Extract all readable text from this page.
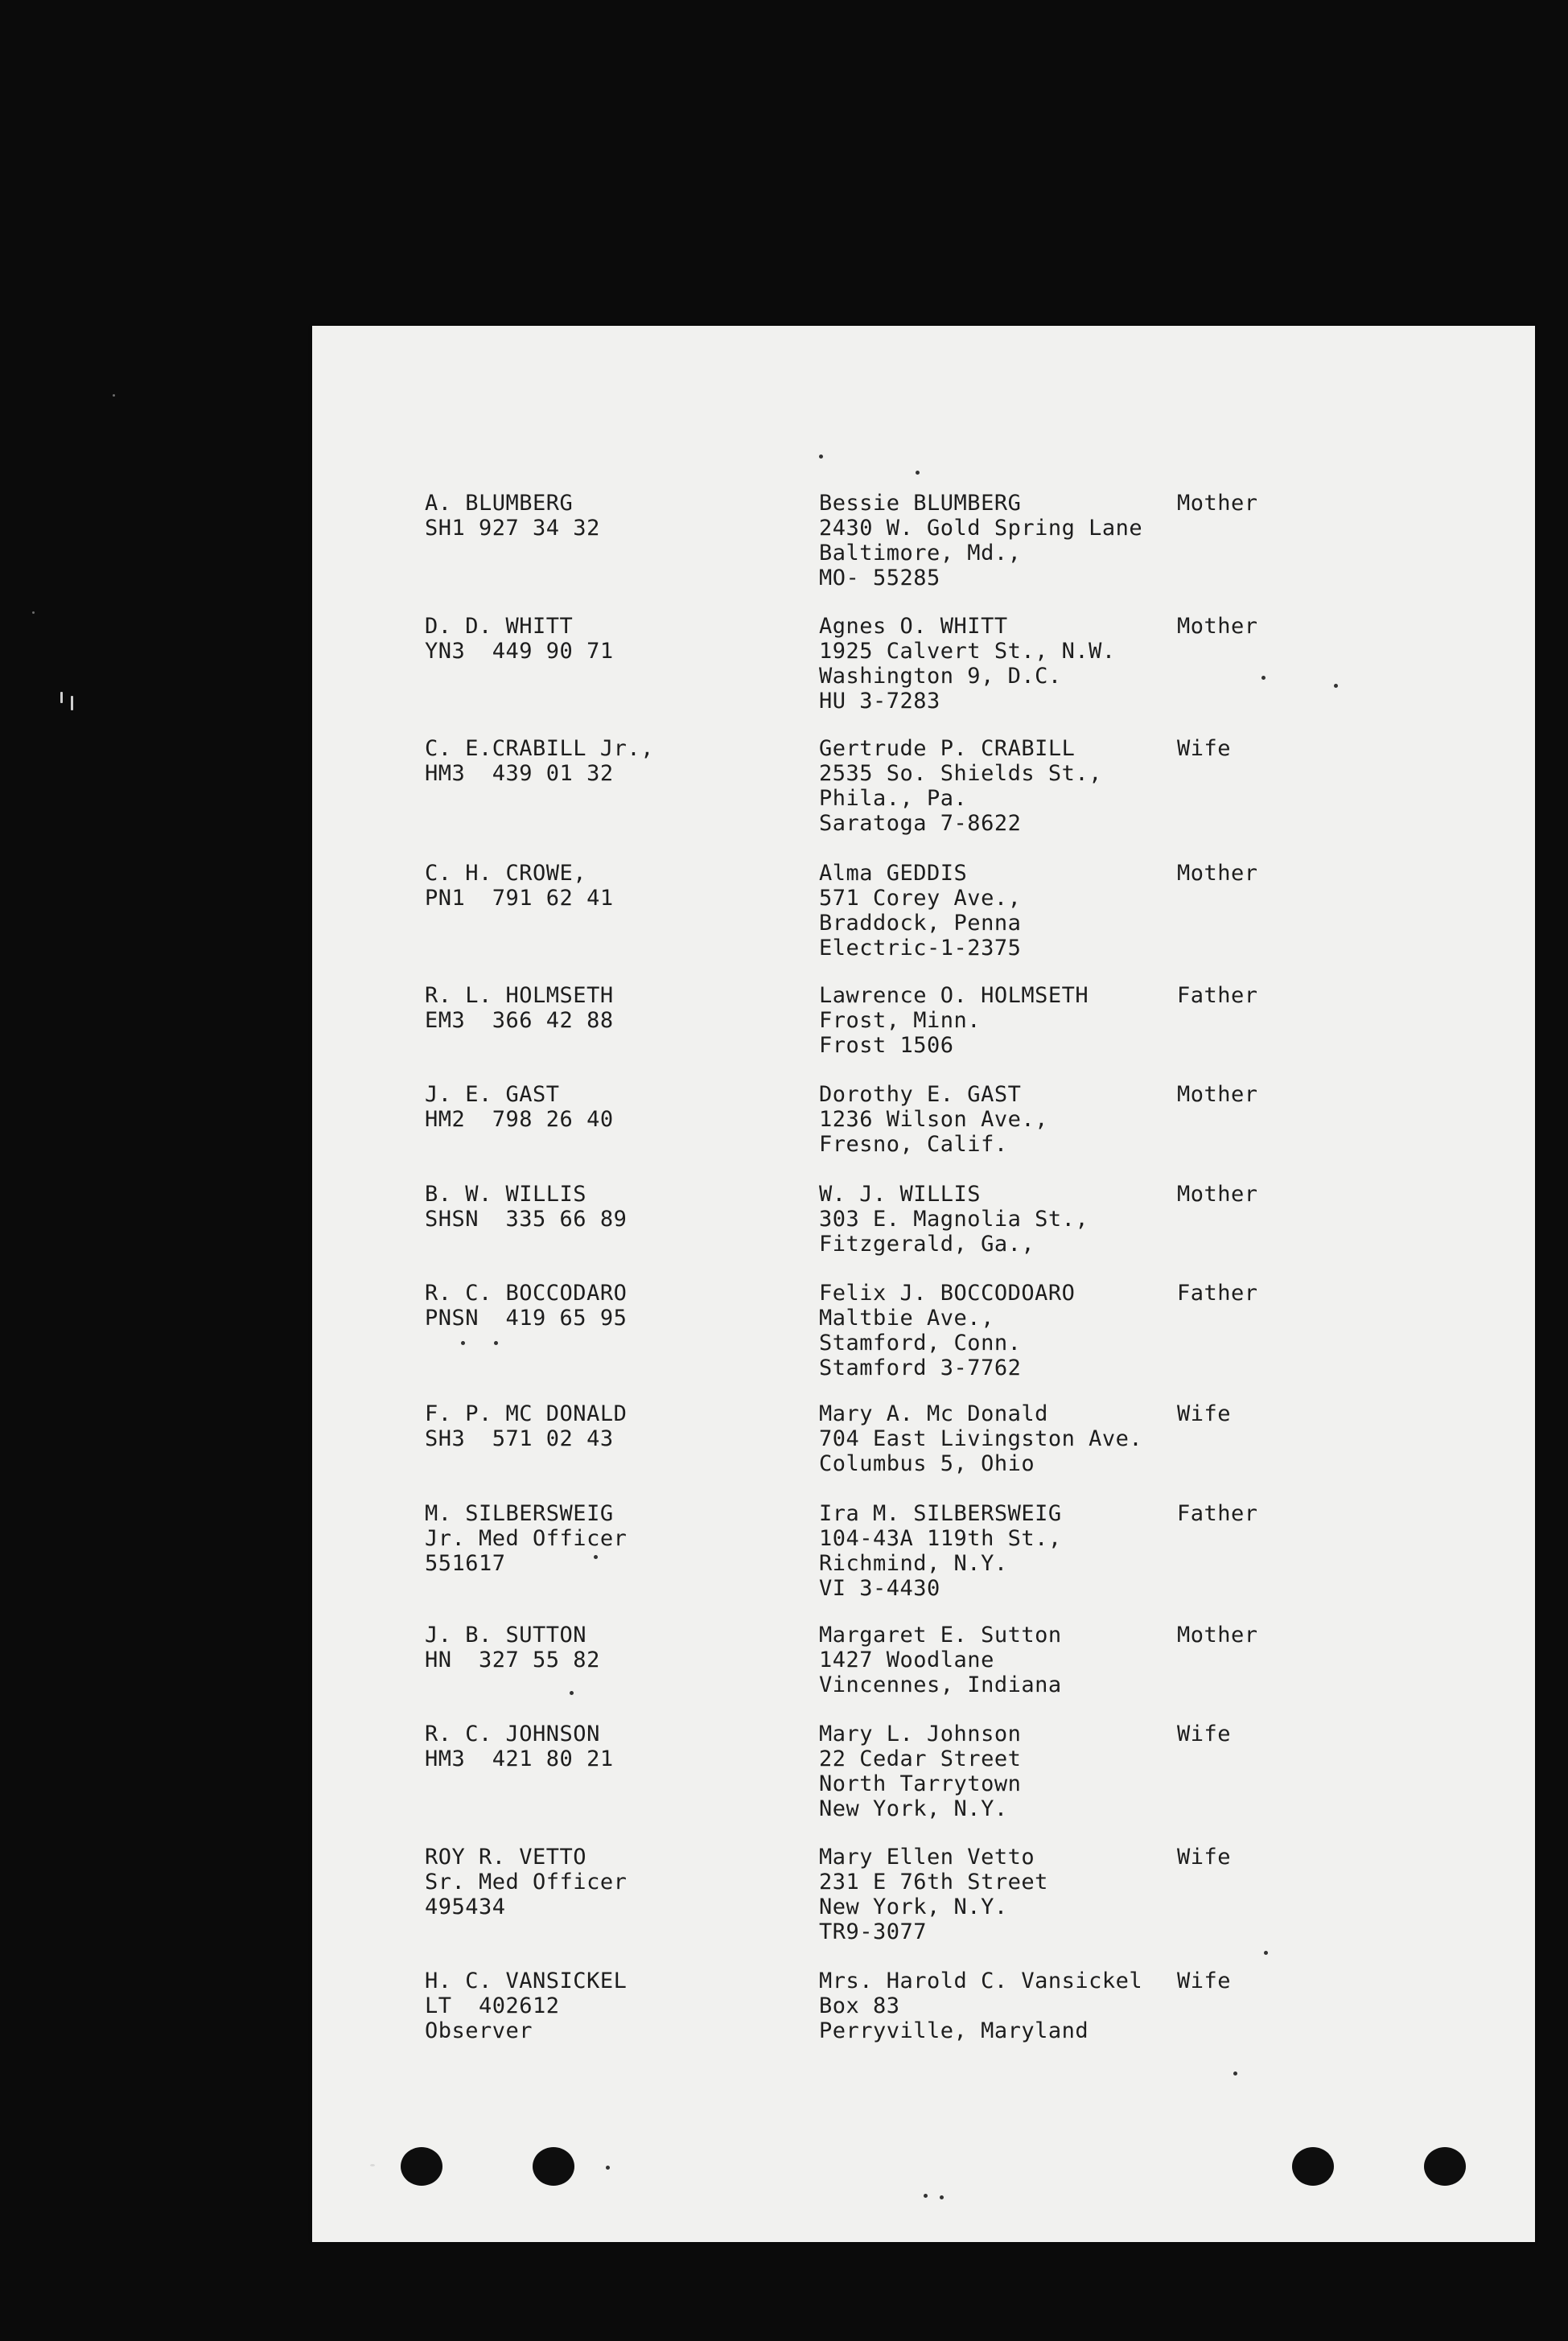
A. BLUMBERG
SH1 927 34 32
Bessie BLUMBERG
2430 W. Gold Spring Lane
Baltimore, Md.,
MO- 55285
Mother
D. D. WHITT
YN3  449 90 71
Agnes O. WHITT
1925 Calvert St., N.W.
Washington 9, D.C.
HU 3-7283
Mother
C. E.CRABILL Jr.,
HM3  439 01 32
Gertrude P. CRABILL
2535 So. Shields St.,
Phila., Pa.
Saratoga 7-8622
Wife
C. H. CROWE,
PN1  791 62 41
Alma GEDDIS
571 Corey Ave.,
Braddock, Penna
Electric-1-2375
Mother
R. L. HOLMSETH
EM3  366 42 88
Lawrence O. HOLMSETH
Frost, Minn.
Frost 1506
Father
J. E. GAST
HM2  798 26 40
Dorothy E. GAST
1236 Wilson Ave.,
Fresno, Calif.
Mother
B. W. WILLIS
SHSN  335 66 89
W. J. WILLIS
303 E. Magnolia St.,
Fitzgerald, Ga.,
Mother
R. C. BOCCODARO
PNSN  419 65 95
Felix J. BOCCODOARO
Maltbie Ave.,
Stamford, Conn.
Stamford 3-7762
Father
F. P. MC DONALD
SH3  571 02 43
Mary A. Mc Donald
704 East Livingston Ave.
Columbus 5, Ohio
Wife
M. SILBERSWEIG
Jr. Med Officer
551617
Ira M. SILBERSWEIG
104-43A 119th St.,
Richmind, N.Y.
VI 3-4430
Father
J. B. SUTTON
HN  327 55 82
Margaret E. Sutton
1427 Woodlane
Vincennes, Indiana
Mother
R. C. JOHNSON
HM3  421 80 21
Mary L. Johnson
22 Cedar Street
North Tarrytown
New York, N.Y.
Wife
ROY R. VETTO
Sr. Med Officer
495434
Mary Ellen Vetto
231 E 76th Street
New York, N.Y.
TR9-3077
Wife
H. C. VANSICKEL
LT  402612
Observer
Mrs. Harold C. Vansickel
Box 83
Perryville, Maryland
Wife
